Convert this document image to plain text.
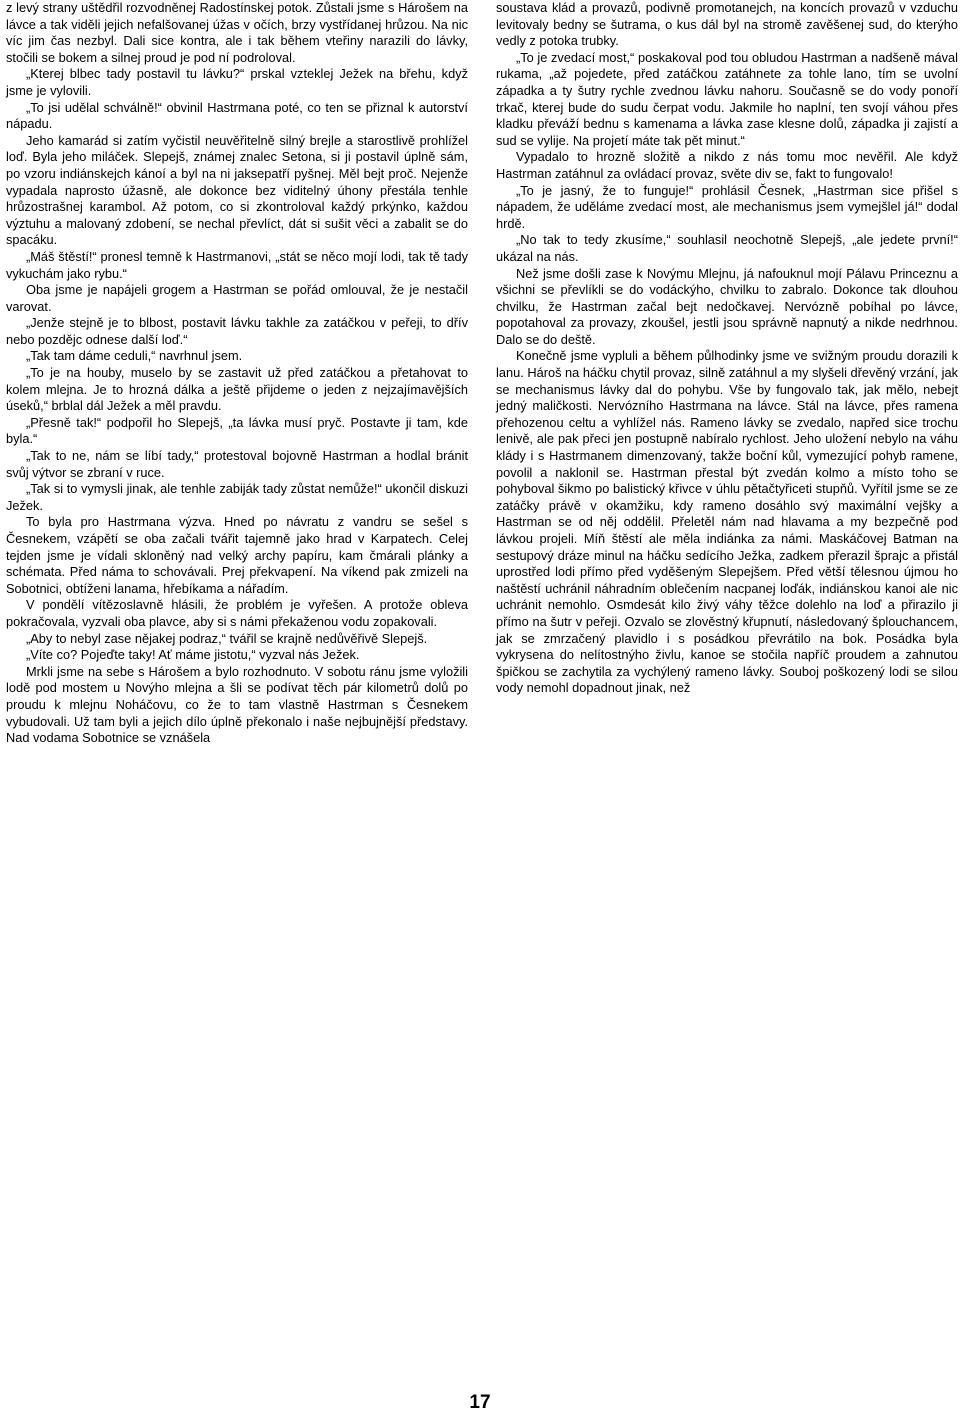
z levý strany uštědřil rozvodněnej Radostínskej potok. Zůstali jsme s Hárošem na lávce a tak viděli jejich nefalšovanej úžas v očích, brzy vystřídanej hrůzou. Na nic víc jim čas nezbyl. Dali sice kontra, ale i tak během vteřiny narazili do lávky, stočili se bokem a silnej proud je pod ní podroloval.

„Kterej blbec tady postavil tu lávku?“ prskal vzteklej Ježek na břehu, když jsme je vylovili.

„To jsi udělal schválně!“ obvinil Hastrmana poté, co ten se přiznal k autorství nápadu.

Jeho kamarád si zatím vyčistil neuvěřitelně silný brejle a starostlivě prohlížel loď. Byla jeho miláček. Slepejš, známej znalec Setona, si ji postavil úplně sám, po vzoru indiánskejch kánoí a byl na ni jaksepatří pyšnej. Měl bejt proč. Nejenže vypadala naprosto úžasně, ale dokonce bez viditelný úhony přestála tenhle hrůzostrašnej karambol. Až potom, co si zkontroloval každý prkýnko, každou výztuhu a malovaný zdobení, se nechal převlíct, dát si sušit věci a zabalit se do spacáku.

„Máš štěstí!“ pronesl temně k Hastrmanovi, „stát se něco mojí lodi, tak tě tady vykuchám jako rybu.“

Oba jsme je napájeli grogem a Hastrman se pořád omlouval, že je nestačil varovat.

„Jenže stejně je to blbost, postavit lávku takhle za zatáčkou v peřeji, to dřív nebo pozdějc odnese další loď.“

„Tak tam dáme ceduli,“ navrhnul jsem.

„To je na houby, muselo by se zastavit už před zatáčkou a přetahovat to kolem mlejna. Je to hrozná dálka a ještě přijdeme o jeden z nejzajímavějších úseků,“ brblal dál Ježek a měl pravdu.

„Přesně tak!“ podpořil ho Slepejš, „ta lávka musí pryč. Postavte ji tam, kde byla.“

„Tak to ne, nám se líbí tady,“ protestoval bojovně Hastrman a hodlal bránit svůj výtvor se zbraní v ruce.

„Tak si to vymysli jinak, ale tenhle zabiják tady zůstat nemůže!“ ukončil diskuzi Ježek.

To byla pro Hastrmana výzva. Hned po návratu z vandru se sešel s Česnekem, vzápětí se oba začali tvářit tajemně jako hrad v Karpatech. Celej tejden jsme je vídali skloněný nad velký archy papíru, kam čmárali plánky a schémata. Před náma to schovávali. Prej překvapení. Na víkend pak zmizeli na Sobotnici, obtíženi lanama, hřebíkama a nářadím.

V pondělí vítězoslavně hlásili, že problém je vyřešen. A protože obleva pokračovala, vyzvali oba plavce, aby si s námi překaženou vodu zopakovali.

„Aby to nebyl zase nějakej podraz,“ tvářil se krajně nedůvěřivě Slepejš.

„Víte co? Pojeďte taky! Ať máme jistotu,“ vyzval nás Ježek.

Mrkli jsme na sebe s Hárošem a bylo rozhodnuto. V sobotu ránu jsme vyložili lodě pod mostem u Novýho mlejna a šli se podívat těch pár kilometrů dolů po proudu k mlejnu Noháčovu, co že to tam vlastně Hastrman s Česnekem vybudovali. Už tam byli a jejich dílo úplně překonalo i naše nejbujnější představy. Nad vodama Sobotnice se vznášela

soustava klád a provazů, podivně promotanejch, na koncích provazů v vzduchu levitovaly bedny se šutrama, o kus dál byl na stromě zavěšenej sud, do kterýho vedly z potoka trubky.

„To je zvedací most,“ poskakoval pod tou obludou Hastrman a nadšeně mával rukama, „až pojedete, před zatáčkou zatáhnete za tohle lano, tím se uvolní západka a ty šutry rychle zvednou lávku nahoru. Současně se do vody ponoří trkač, kterej bude do sudu čerpat vodu. Jakmile ho naplní, ten svojí váhou přes kladku převáží bednu s kamenama a lávka zase klesne dolů, západka ji zajistí a sud se vylije. Na projetí máte tak pět minut.“

Vypadalo to hrozně složitě a nikdo z nás tomu moc nevěřil. Ale když Hastrman zatáhnul za ovládací provaz, světe div se, fakt to fungovalo!

„To je jasný, že to funguje!“ prohlásil Česnek, „Hastrman sice přišel s nápadem, že uděláme zvedací most, ale mechanismus jsem vymejšlel já!“ dodal hrdě.

„No tak to tedy zkusíme,“ souhlasil neochotně Slepejš, „ale jedete první!“ ukázal na nás.

Než jsme došli zase k Novýmu Mlejnu, já nafouknul mojí Pálavu Princeznu a všichni se převlíkli se do vodáckýho, chvilku to zabralo. Dokonce tak dlouhou chvilku, že Hastrman začal bejt nedočkavej. Nervózně pobíhal po lávce, popotahoval za provazy, zkoušel, jestli jsou správně napnutý a nikde nedrhnou. Dalo se do deště.

Konečně jsme vypluli a během půlhodinky jsme ve svižným proudu dorazili k lanu. Hároš na háčku chytil provaz, silně zatáhnul a my slyšeli dřevěný vrzání, jak se mechanismus lávky dal do pohybu. Vše by fungovalo tak, jak mělo, nebejt jedný maličkosti. Nervózního Hastrmana na lávce. Stál na lávce, přes ramena přehozenou celtu a vyhlížel nás. Rameno lávky se zvedalo, napřed sice trochu lenivě, ale pak přeci jen postupně nabíralo rychlost. Jeho uložení nebylo na váhu klády i s Hastrmanem dimenzovaný, takže boční kůl, vymezující pohyb ramene, povolil a naklonil se. Hastrman přestal být zvedán kolmo a místo toho se pohyboval šikmo po balistický křivce v úhlu pětačtyřiceti stupňů. Vyřítil jsme se ze zatáčky právě v okamžiku, kdy rameno dosáhlo svý maximální vejšky a Hastrman se od něj oddělil. Přeletěl nám nad hlavama a my bezpečně pod lávkou projeli. Míň štěstí ale měla indiánka za námi. Maskáčovej Batman na sestupový dráze minul na háčku sedícího Ježka, zadkem přerazil šprajc a přistál uprostřed lodi přímo před vyděšeným Slepejšem. Před větší tělesnou újmou ho naštěstí uchránil náhradním oblečením nacpanej loďák, indiánskou kanoi ale nic uchránit nemohlo. Osmdesát kilo živý váhy těžce dolehlo na loď a přirazilo ji přímo na šutr v peřeji. Ozvalo se zlověstný křupnutí, následovaný šplouchancem, jak se zmrzačený plavidlo i s posádkou převrátilo na bok. Posádka byla vykrysena do nelítostnýho živlu, kanoe se stočila napříč proudem a zahnutou špičkou se zachytila za vychýlený rameno lávky. Souboj poškozený lodi se silou vody nemohl dopadnout jinak, než

17
